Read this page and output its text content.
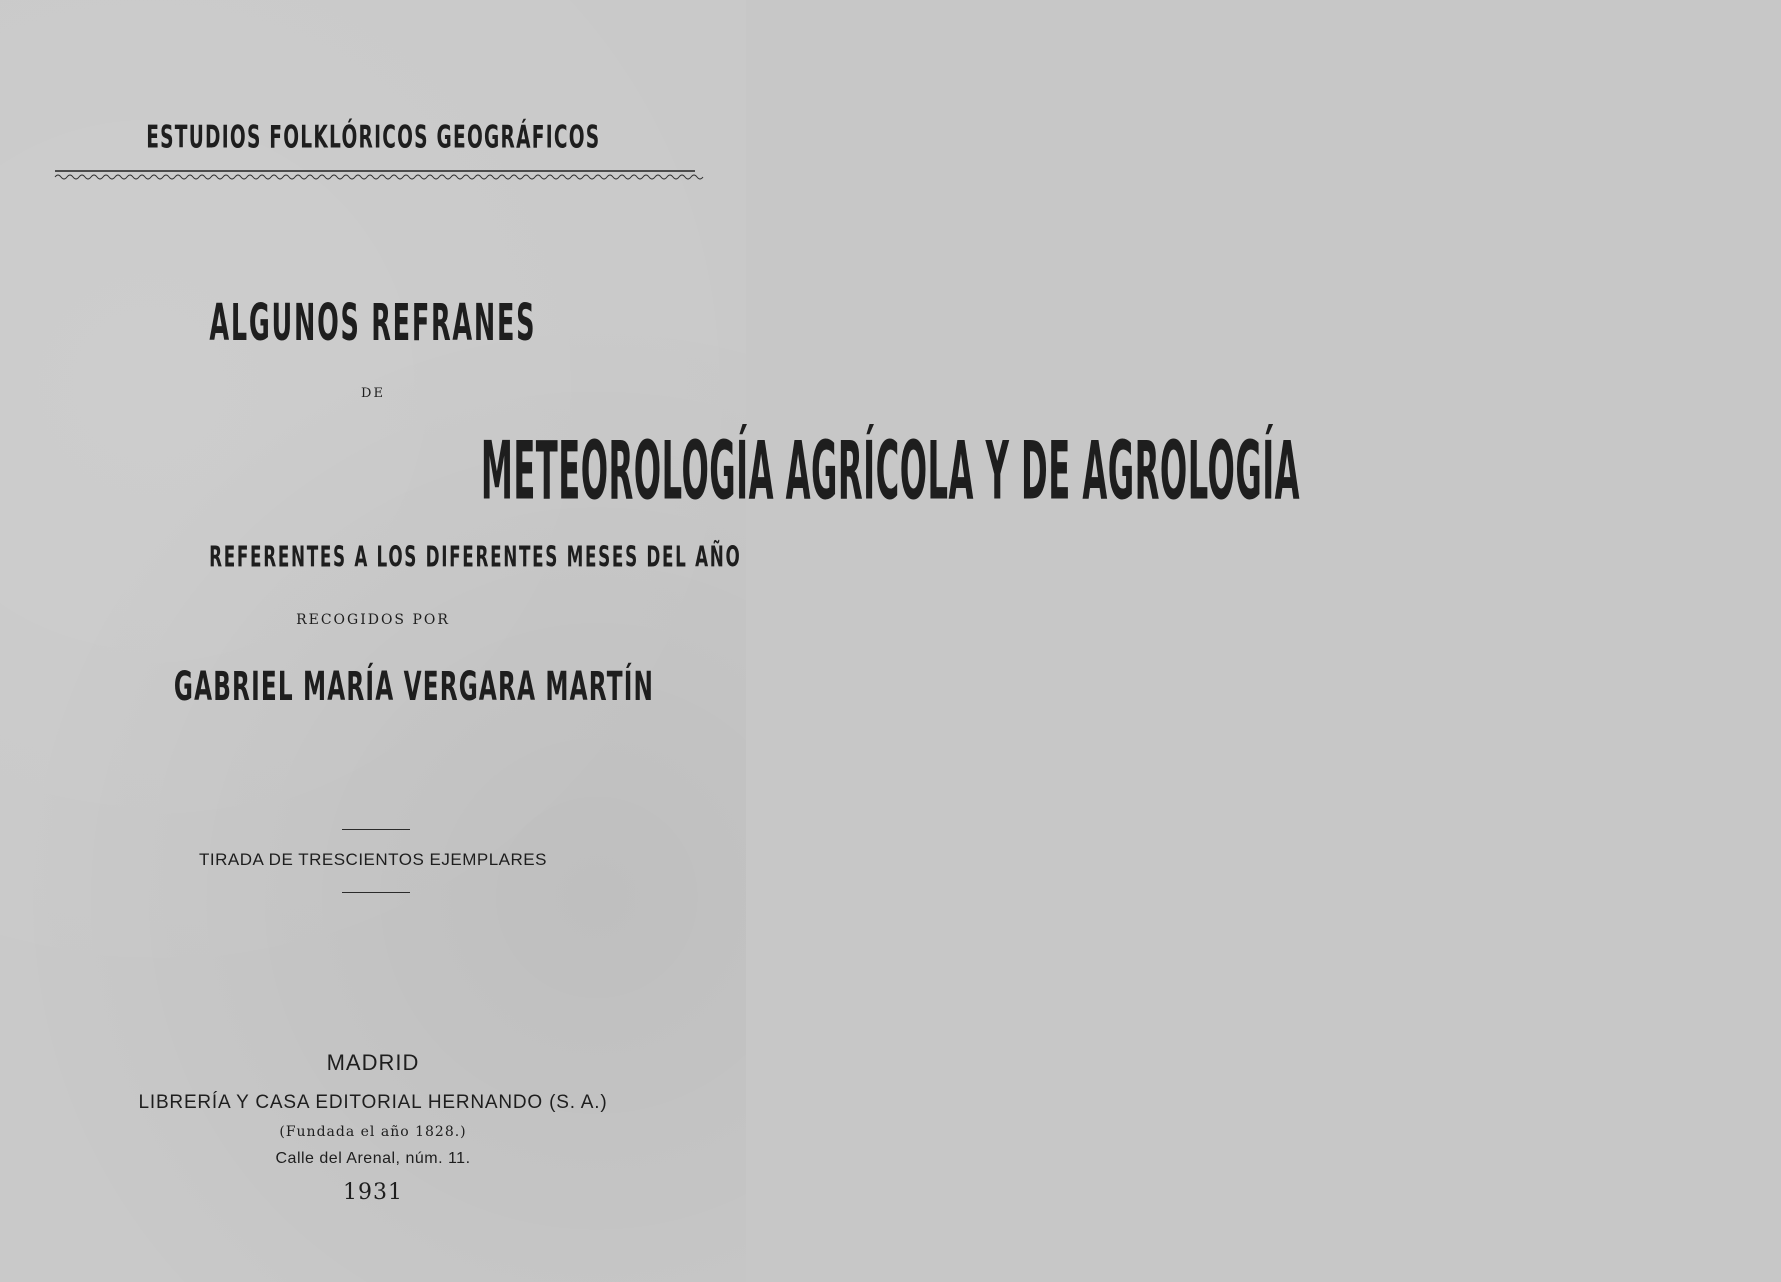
ESTUDIOS FOLKLÓRICOS GEOGRÁFICOS
ALGUNOS REFRANES
DE
METEOROLOGÍA AGRÍCOLA Y DE AGROLOGÍA
REFERENTES A LOS DIFERENTES MESES DEL AÑO
RECOGIDOS POR
GABRIEL MARÍA VERGARA MARTÍN
TIRADA DE TRESCIENTOS EJEMPLARES
MADRID
LIBRERÍA Y CASA EDITORIAL HERNANDO (S. A.)
(Fundada el año 1828.)
Calle del Arenal, núm. 11.
1931
